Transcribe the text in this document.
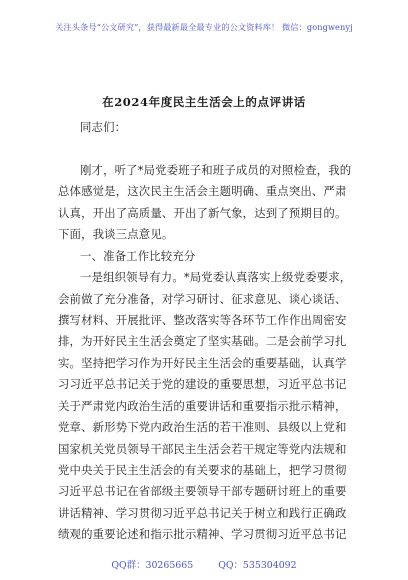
关注头条号“公文研究”，获得最新最全最专业的公文资料库！ 微信：gongwenyj
在2024年度民主生活会上的点评讲话
同志们：
刚才，听了*局党委班子和班子成员的对照检查，我的
总体感觉是，这次民主生活会主题明确、重点突出、严肃
认真，开出了高质量、开出了新气象，达到了预期目的。
下面，我谈三点意见。
一、准备工作比较充分
一是组织领导有力。*局党委认真落实上级党委要求，
会前做了充分准备，对学习研讨、征求意见、谈心谈话、
撰写材料、开展批评、整改落实等各环节工作作出周密安
排，为开好民主生活会奠定了坚实基础。二是会前学习扎
实。坚持把学习作为开好民主生活会的重要基础，认真学
习习近平总书记关于党的建设的重要思想，习近平总书记
关于严肃党内政治生活的重要讲话和重要指示批示精神，
党章、新形势下党内政治生活的若干准则、县级以上党和
国家机关党员领导干部民主生活会若干规定等党内法规和
党中央关于民主生活会的有关要求的基础上，把学习贯彻
习近平总书记在省部级主要领导干部专题研讨班上的重要
讲话精神、学习贯彻习近平总书记关于树立和践行正确政
绩观的重要论述和指示批示精神、学习贯彻习近平总书记
QQ群：30265665	QQ：535304092
